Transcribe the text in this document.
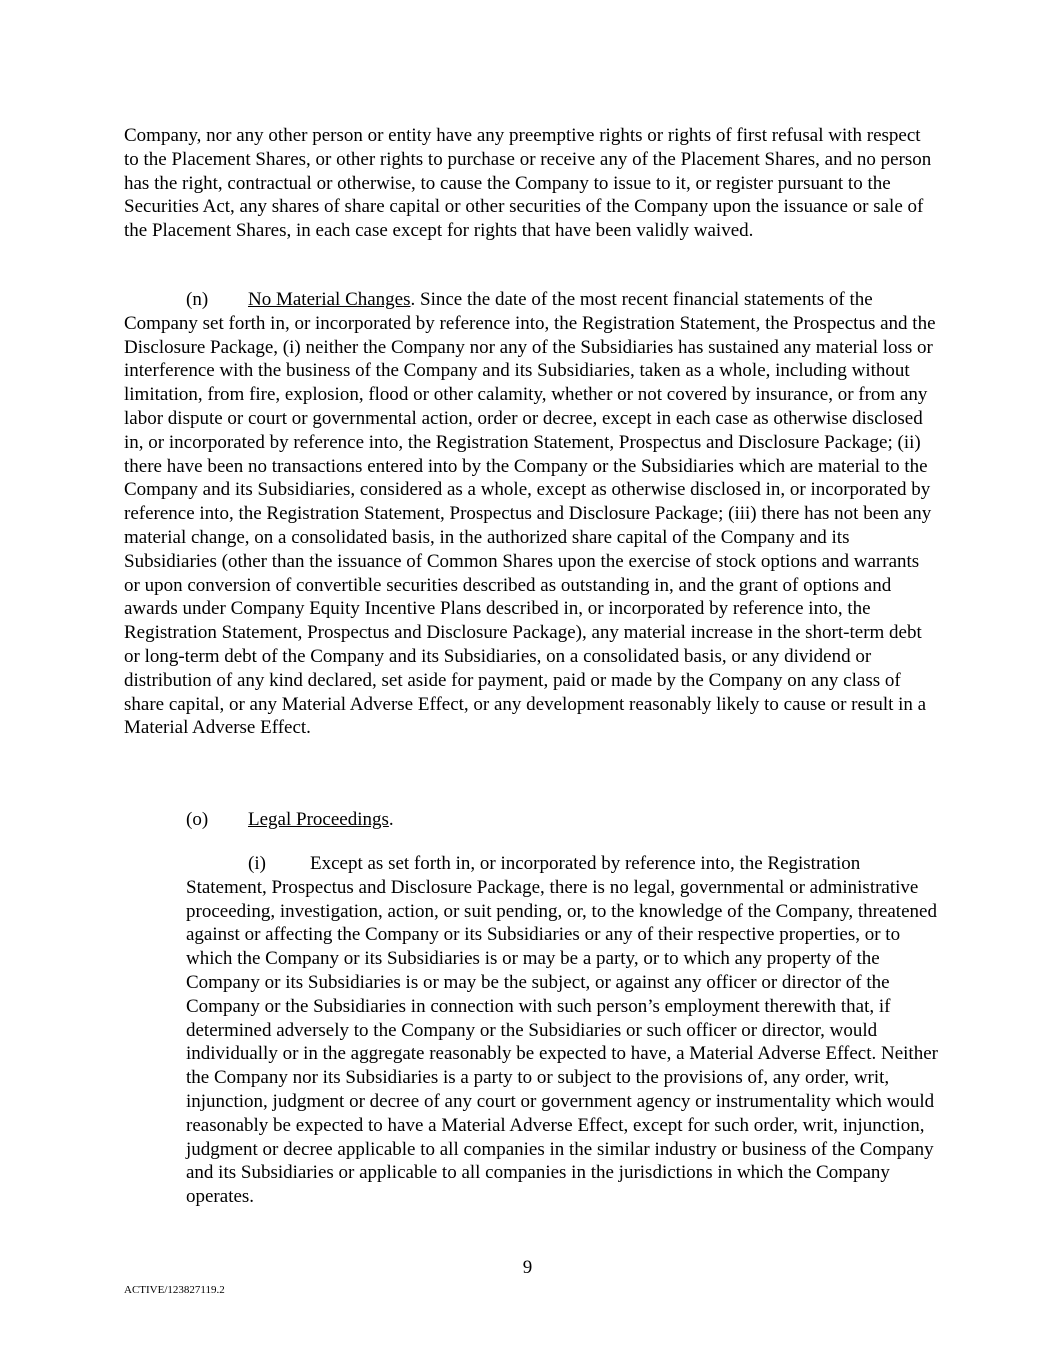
Company, nor any other person or entity have any preemptive rights or rights of first refusal with respect to the Placement Shares, or other rights to purchase or receive any of the Placement Shares, and no person has the right, contractual or otherwise, to cause the Company to issue to it, or register pursuant to the Securities Act, any shares of share capital or other securities of the Company upon the issuance or sale of the Placement Shares, in each case except for rights that have been validly waived.

(n) No Material Changes. Since the date of the most recent financial statements of the Company set forth in, or incorporated by reference into, the Registration Statement, the Prospectus and the Disclosure Package, (i) neither the Company nor any of the Subsidiaries has sustained any material loss or interference with the business of the Company and its Subsidiaries, taken as a whole, including without limitation, from fire, explosion, flood or other calamity, whether or not covered by insurance, or from any labor dispute or court or governmental action, order or decree, except in each case as otherwise disclosed in, or incorporated by reference into, the Registration Statement, Prospectus and Disclosure Package; (ii) there have been no transactions entered into by the Company or the Subsidiaries which are material to the Company and its Subsidiaries, considered as a whole, except as otherwise disclosed in, or incorporated by reference into, the Registration Statement, Prospectus and Disclosure Package; (iii) there has not been any material change, on a consolidated basis, in the authorized share capital of the Company and its Subsidiaries (other than the issuance of Common Shares upon the exercise of stock options and warrants or upon conversion of convertible securities described as outstanding in, and the grant of options and awards under Company Equity Incentive Plans described in, or incorporated by reference into, the Registration Statement, Prospectus and Disclosure Package), any material increase in the short-term debt or long-term debt of the Company and its Subsidiaries, on a consolidated basis, or any dividend or distribution of any kind declared, set aside for payment, paid or made by the Company on any class of share capital, or any Material Adverse Effect, or any development reasonably likely to cause or result in a Material Adverse Effect.

(o) Legal Proceedings.

(i) Except as set forth in, or incorporated by reference into, the Registration Statement, Prospectus and Disclosure Package, there is no legal, governmental or administrative proceeding, investigation, action, or suit pending, or, to the knowledge of the Company, threatened against or affecting the Company or its Subsidiaries or any of their respective properties, or to which the Company or its Subsidiaries is or may be a party, or to which any property of the Company or its Subsidiaries is or may be the subject, or against any officer or director of the Company or the Subsidiaries in connection with such person’s employment therewith that, if determined adversely to the Company or the Subsidiaries or such officer or director, would individually or in the aggregate reasonably be expected to have, a Material Adverse Effect. Neither the Company nor its Subsidiaries is a party to or subject to the provisions of, any order, writ, injunction, judgment or decree of any court or government agency or instrumentality which would reasonably be expected to have a Material Adverse Effect, except for such order, writ, injunction, judgment or decree applicable to all companies in the similar industry or business of the Company and its Subsidiaries or applicable to all companies in the jurisdictions in which the Company operates.

9
ACTIVE/123827119.2
